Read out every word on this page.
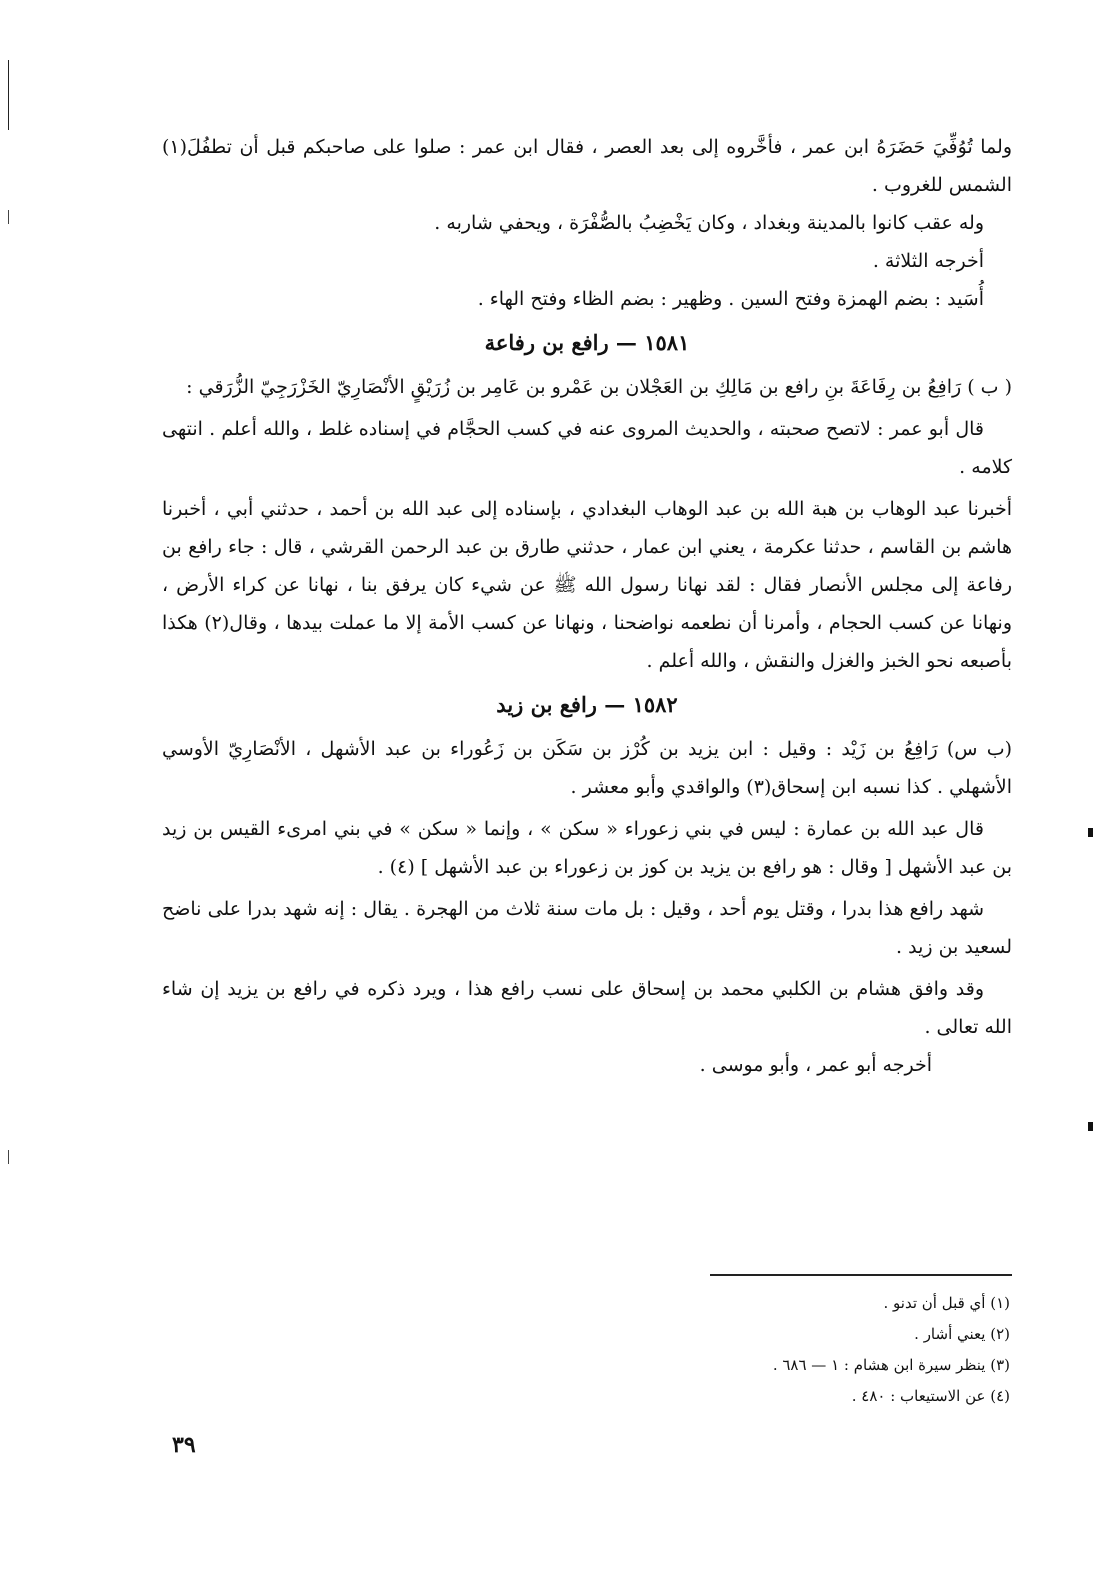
ولما تُوُفِّيَ حَضَرَهُ ابن عمر ، فأخَّروه إلى بعد العصر ، فقال ابن عمر : صلوا على صاحبكم قبل أن تطفُلَ(١) الشمس للغروب .

وله عقب كانوا بالمدينة وبغداد ، وكان يَخْضِبُ بالصُّفْرَة ، ويحفي شاربه .

أخرجه الثلاثة .

أُسَيد : بضم الهمزة وفتح السين . وظهير : بضم الظاء وفتح الهاء .

١٥٨١ — رافع بن رفاعة

( ب ) رَافِعُ بن رِفَاعَةَ بنِ رافع بن مَالِكِ بن العَجْلان بن عَمْرو بن عَامِر بن زُرَيْقٍ الأنْصَارِيّ الخَزْرَجِيّ الزُّرَقي :

قال أبو عمر : لاتصح صحبته ، والحديث المروى عنه في كسب الحجَّام في إسناده غلط ، والله أعلم . انتهى كلامه .

أخبرنا عبد الوهاب بن هبة الله بن عبد الوهاب البغدادي ، بإسناده إلى عبد الله بن أحمد ، حدثني أبي ، أخبرنا هاشم بن القاسم ، حدثنا عكرمة ، يعني ابن عمار ، حدثني طارق بن عبد الرحمن القرشي ، قال : جاء رافع بن رفاعة إلى مجلس الأنصار فقال : لقد نهانا رسول الله ﷺ عن شيء كان يرفق بنا ، نهانا عن كراء الأرض ، ونهانا عن كسب الحجام ، وأمرنا أن نطعمه نواضحنا ، ونهانا عن كسب الأمة إلا ما عملت بيدها ، وقال(٢) هكذا بأصبعه نحو الخبز والغزل والنقش ، والله أعلم .

١٥٨٢ — رافع بن زيد

(ب س) رَافِعُ بن زَيْد : وقيل : ابن يزيد بن كُرْز بن سَكَن بن زَعُوراء بن عبد الأشهل ، الأنْصَارِيّ الأوسي الأشهلي . كذا نسبه ابن إسحاق(٣) والواقدي وأبو معشر .

قال عبد الله بن عمارة : ليس في بني زعوراء « سكن » ، وإنما « سكن » في بني امرىء القيس بن زيد بن عبد الأشهل [ وقال : هو رافع بن يزيد بن كوز بن زعوراء بن عبد الأشهل ] (٤) .

شهد رافع هذا بدرا ، وقتل يوم أحد ، وقيل : بل مات سنة ثلاث من الهجرة . يقال : إنه شهد بدرا على ناضح لسعيد بن زيد .

وقد وافق هشام بن الكلبي محمد بن إسحاق على نسب رافع هذا ، ويرد ذكره في رافع بن يزيد إن شاء الله تعالى .

أخرجه أبو عمر ، وأبو موسى .

(١) أي قبل أن تدنو .
(٢) يعني أشار .
(٣) ينظر سيرة ابن هشام : ١ — ٦٨٦ .
(٤) عن الاستيعاب : ٤٨٠ .
٣٩
